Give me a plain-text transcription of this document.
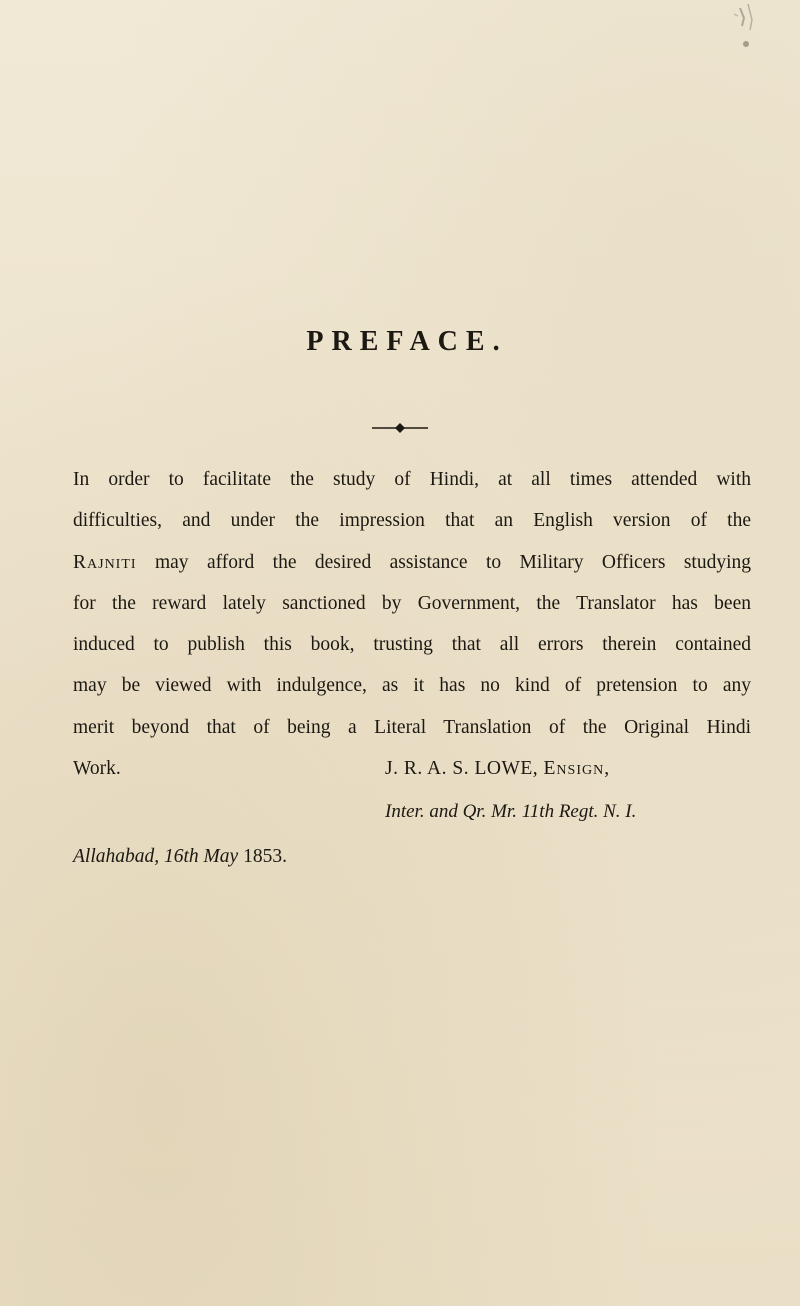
PREFACE.
In order to facilitate the study of Hindi, at all times attended with
difficulties, and under the impression that an English version of the
Rajniti may afford the desired assistance to Military Officers studying
for the reward lately sanctioned by Government, the Translator has been
induced to publish this book, trusting that all errors therein contained
may be viewed with indulgence, as it has no kind of pretension to any
merit beyond that of being a Literal Translation of the Original Hindi
Work.	J. R. A. S. LOWE, Ensign,
Inter. and Qr. Mr. 11th Regt. N. I.
Allahabad, 16th May 1853.
